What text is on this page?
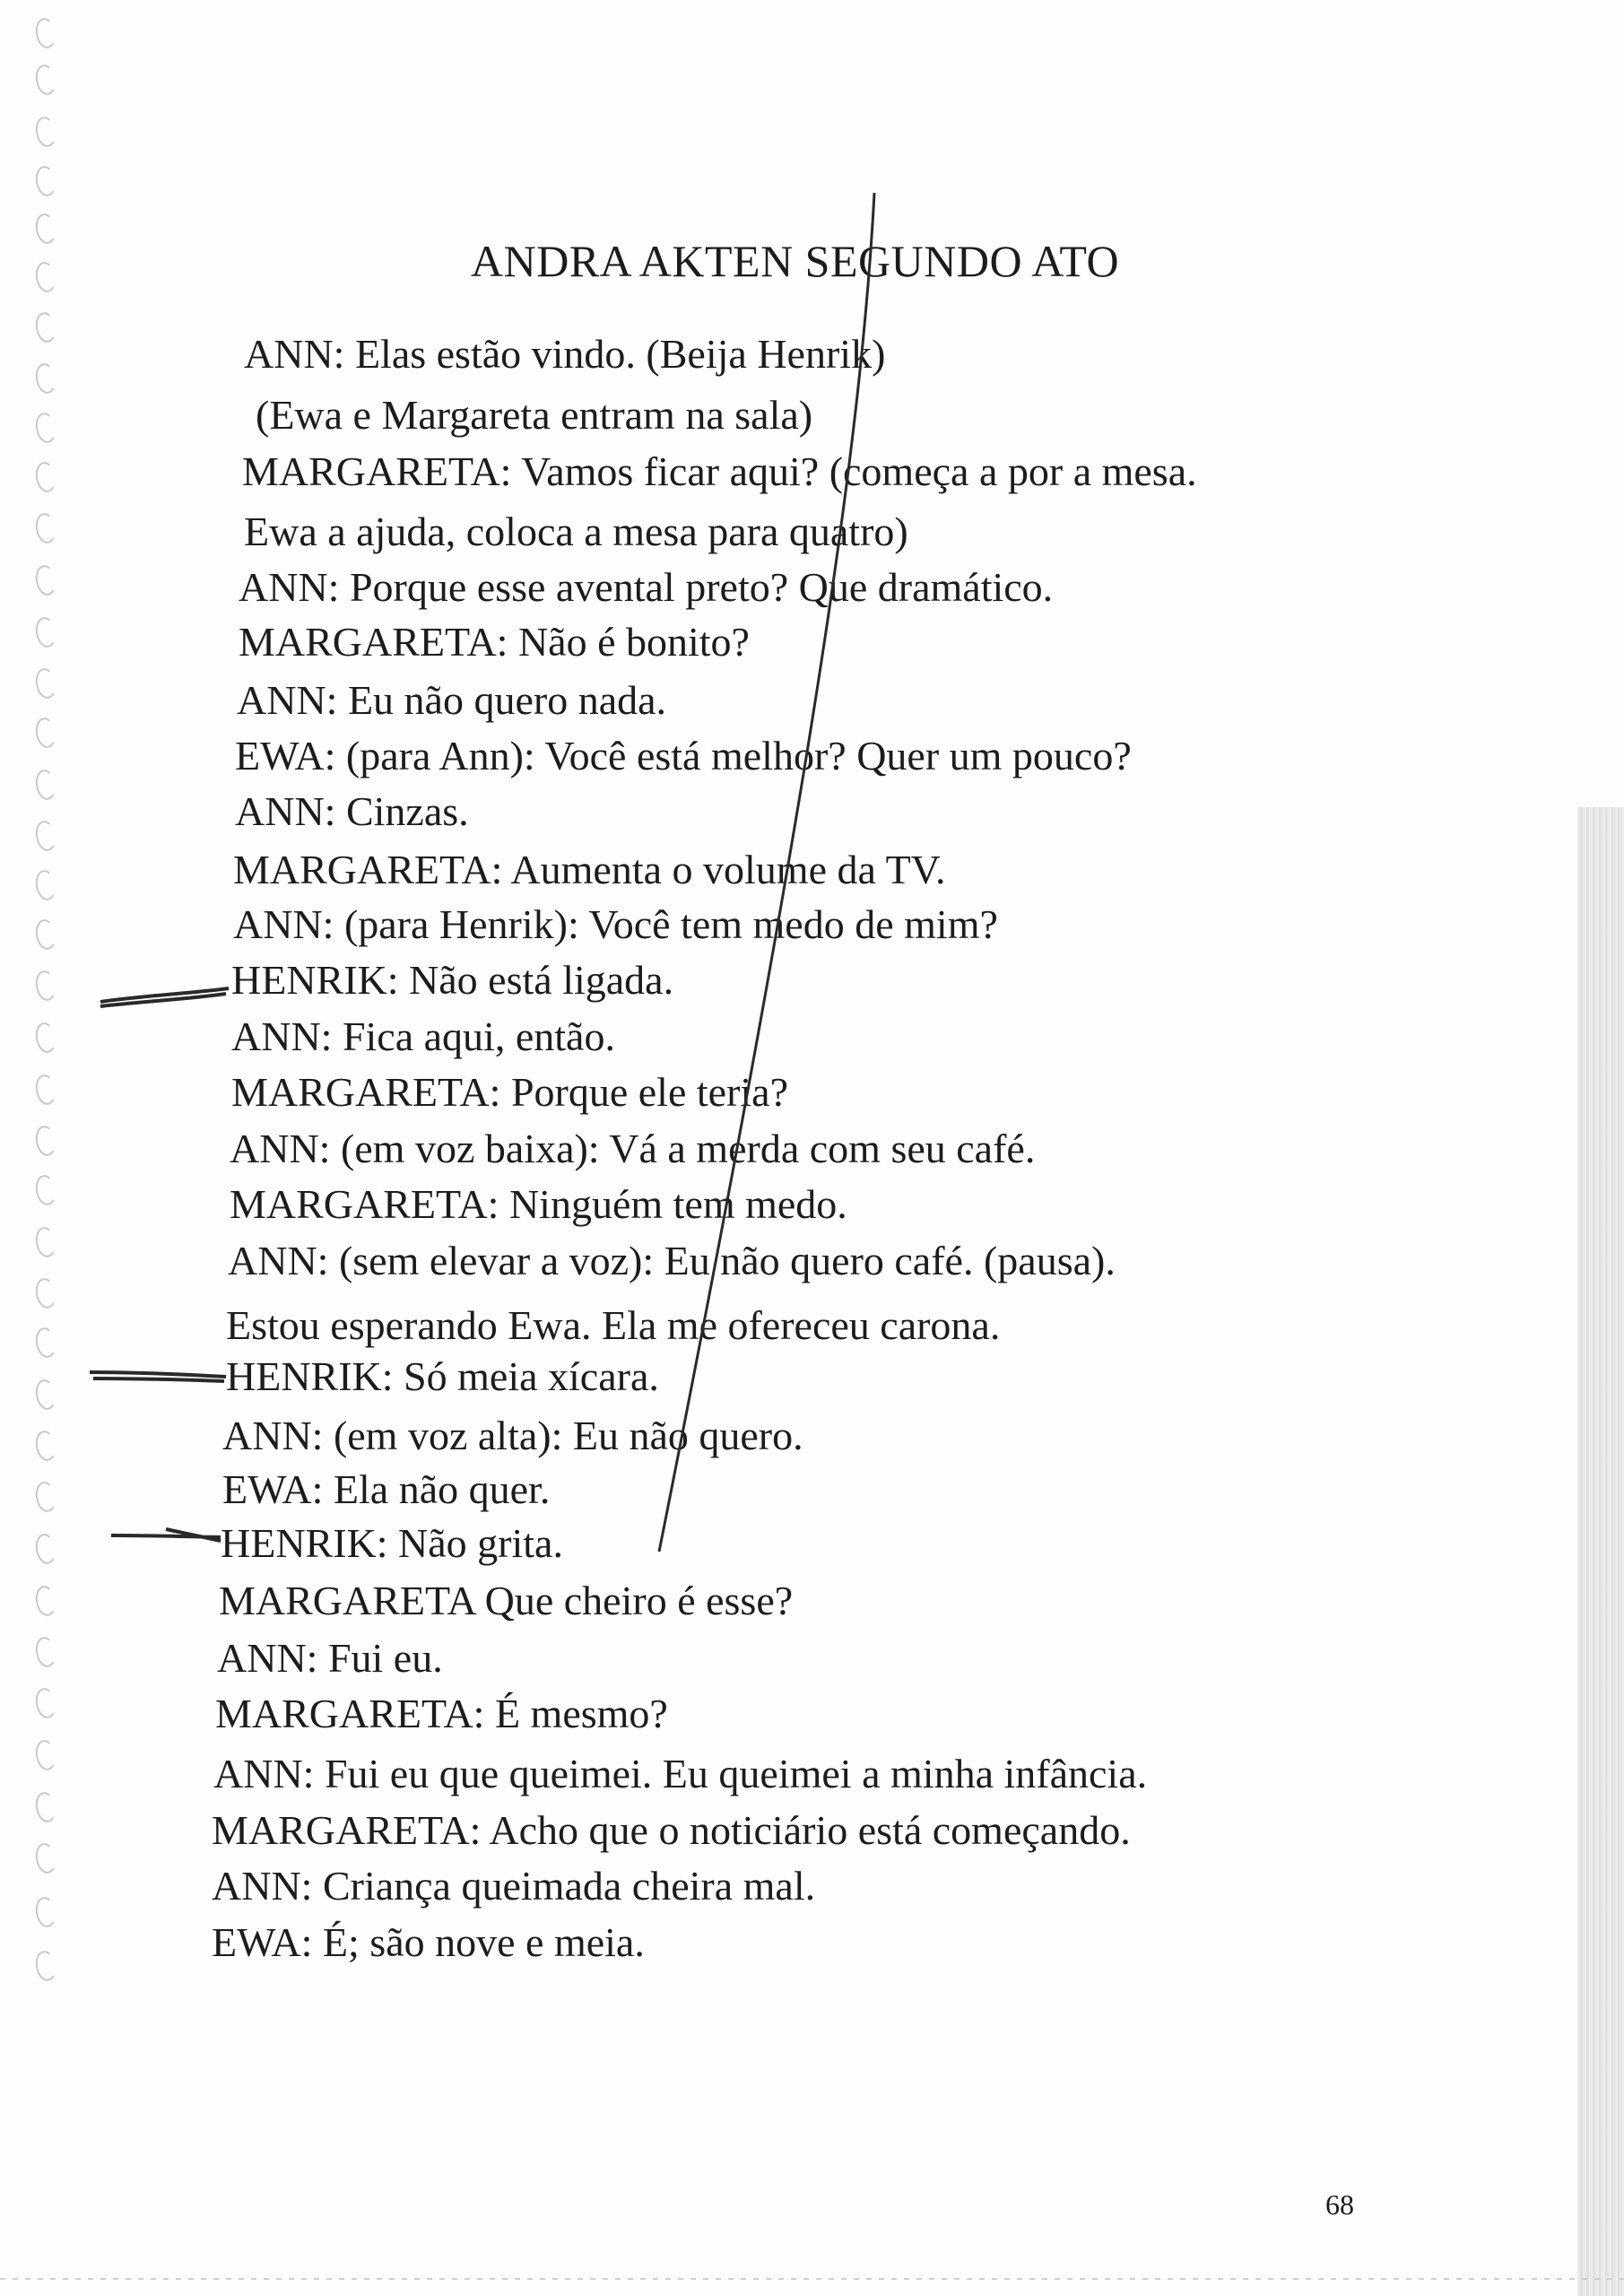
ANDRA AKTEN SEGUNDO ATO
ANN: Elas estão vindo. (Beija Henrik)
(Ewa e Margareta entram na sala)
MARGARETA: Vamos ficar aqui? (começa a por a mesa.
Ewa a ajuda, coloca a mesa para quatro)
ANN: Porque esse avental preto? Que dramático.
MARGARETA: Não é bonito?
ANN: Eu não quero nada.
EWA: (para Ann): Você está melhor? Quer um pouco?
ANN: Cinzas.
MARGARETA: Aumenta o volume da TV.
ANN: (para Henrik): Você tem medo de mim?
HENRIK: Não está ligada.
ANN: Fica aqui, então.
MARGARETA: Porque ele teria?
ANN: (em voz baixa): Vá a merda com seu café.
MARGARETA: Ninguém tem medo.
ANN: (sem elevar a voz): Eu não quero café. (pausa).
Estou esperando Ewa. Ela me ofereceu carona.
HENRIK: Só meia xícara.
ANN: (em voz alta): Eu não quero.
EWA: Ela não quer.
HENRIK: Não grita.
MARGARETA Que cheiro é esse?
ANN: Fui eu.
MARGARETA: É mesmo?
ANN: Fui eu que queimei. Eu queimei a minha infância.
MARGARETA: Acho que o noticiário está começando.
ANN: Criança queimada cheira mal.
EWA: É; são nove e meia.
68
